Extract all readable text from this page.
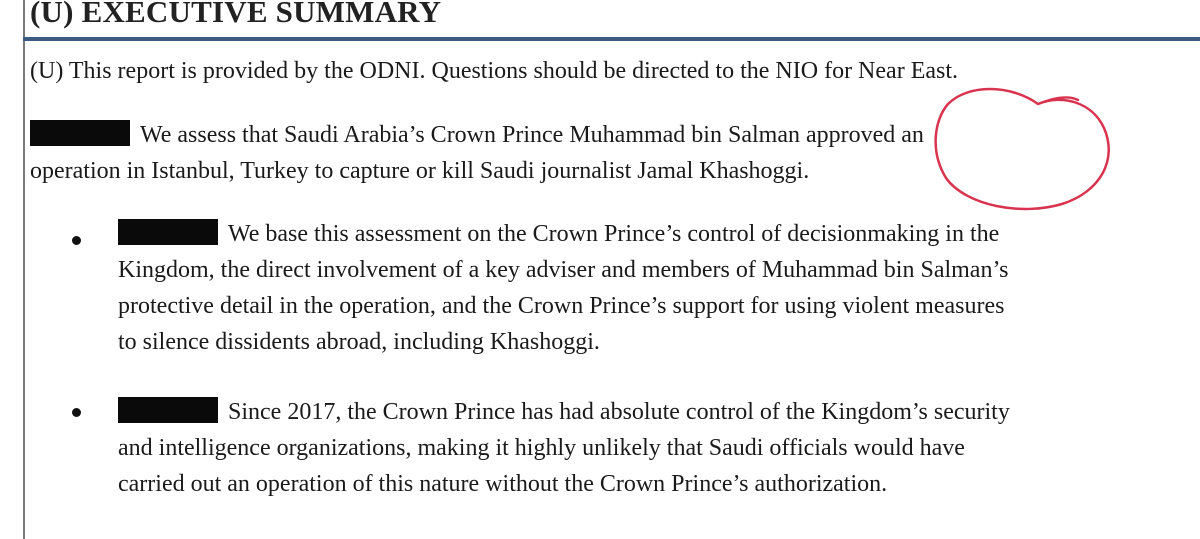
(U) EXECUTIVE SUMMARY

(U) This report is provided by the ODNI. Questions should be directed to the NIO for Near East.

We assess that Saudi Arabia’s Crown Prince Muhammad bin Salman approved an

operation in Istanbul, Turkey to capture or kill Saudi journalist Jamal Khashoggi.

We base this assessment on the Crown Prince’s control of decisionmaking in the

Kingdom, the direct involvement of a key adviser and members of Muhammad bin Salman’s

protective detail in the operation, and the Crown Prince’s support for using violent measures

to silence dissidents abroad, including Khashoggi.

Since 2017, the Crown Prince has had absolute control of the Kingdom’s security

and intelligence organizations, making it highly unlikely that Saudi officials would have

carried out an operation of this nature without the Crown Prince’s authorization.
